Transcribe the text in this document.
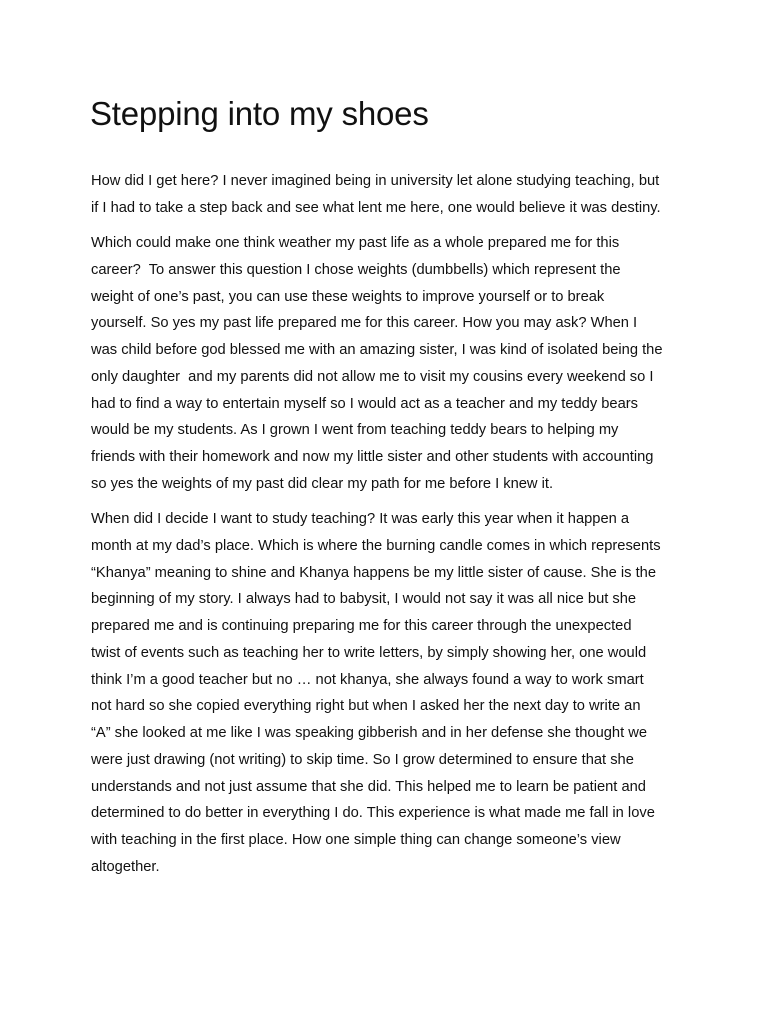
Stepping into my shoes

How did I get here? I never imagined being in university let alone studying teaching, but
if I had to take a step back and see what lent me here, one would believe it was destiny.

Which could make one think weather my past life as a whole prepared me for this
career?  To answer this question I chose weights (dumbbells) which represent the
weight of one’s past, you can use these weights to improve yourself or to break
yourself. So yes my past life prepared me for this career. How you may ask? When I
was child before god blessed me with an amazing sister, I was kind of isolated being the
only daughter  and my parents did not allow me to visit my cousins every weekend so I
had to find a way to entertain myself so I would act as a teacher and my teddy bears
would be my students. As I grown I went from teaching teddy bears to helping my
friends with their homework and now my little sister and other students with accounting
so yes the weights of my past did clear my path for me before I knew it.

When did I decide I want to study teaching? It was early this year when it happen a
month at my dad’s place. Which is where the burning candle comes in which represents
“Khanya” meaning to shine and Khanya happens be my little sister of cause. She is the
beginning of my story. I always had to babysit, I would not say it was all nice but she
prepared me and is continuing preparing me for this career through the unexpected
twist of events such as teaching her to write letters, by simply showing her, one would
think I’m a good teacher but no … not khanya, she always found a way to work smart
not hard so she copied everything right but when I asked her the next day to write an
“A” she looked at me like I was speaking gibberish and in her defense she thought we
were just drawing (not writing) to skip time. So I grow determined to ensure that she
understands and not just assume that she did. This helped me to learn be patient and
determined to do better in everything I do. This experience is what made me fall in love
with teaching in the first place. How one simple thing can change someone’s view
altogether.
